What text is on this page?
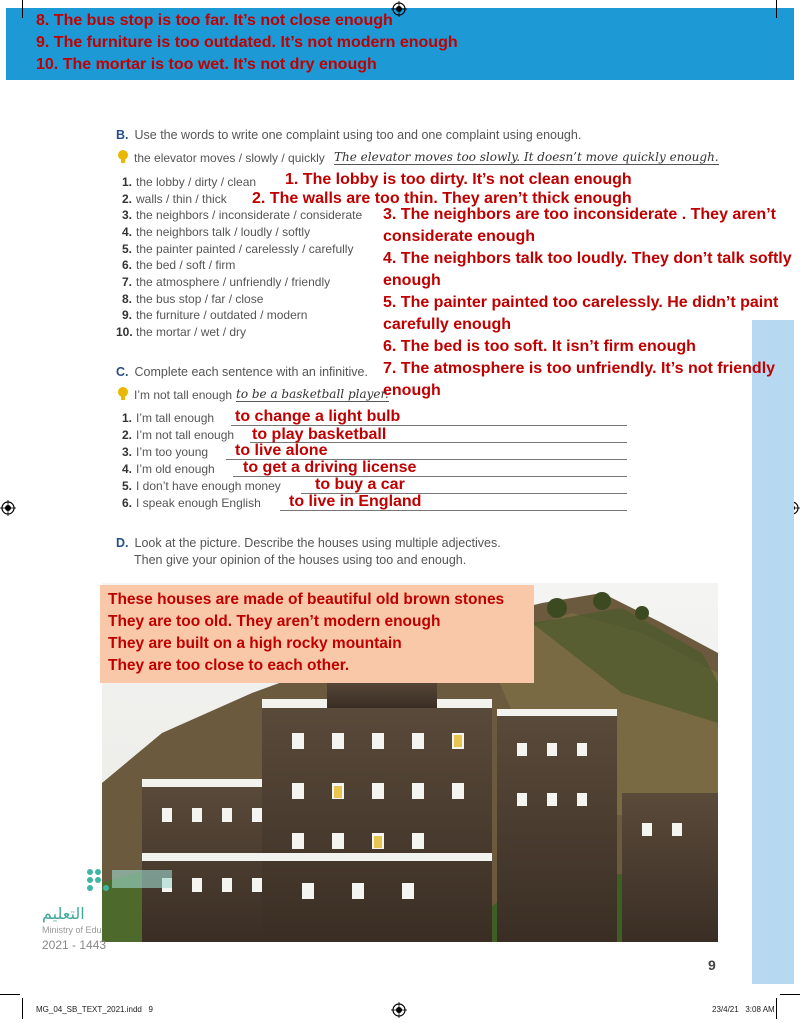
8. The bus stop is too far. It’s not close enough
9. The furniture is too outdated. It’s not modern enough
10. The mortar is too wet. It’s not dry enough
B. Use the words to write one complaint using too and one complaint using enough.
the elevator moves / slowly / quickly The elevator moves too slowly. It doesn’t move quickly enough.
1. the lobby / dirty / clean
2. walls / thin / thick
3. the neighbors / inconsiderate / considerate
4. the neighbors talk / loudly / softly
5. the painter painted / carelessly / carefully
6. the bed / soft / firm
7. the atmosphere / unfriendly / friendly
8. the bus stop / far / close
9. the furniture / outdated / modern
10. the mortar / wet / dry
1. The lobby is too dirty. It’s not clean enough
2. The walls are too thin. They aren’t thick enough
3. The neighbors are too inconsiderate . They aren’t
considerate enough
4. The neighbors talk too loudly. They don’t talk softly
enough
5. The painter painted too carelessly. He didn’t paint
carefully enough
6. The bed is too soft. It isn’t firm enough
7. The atmosphere is too unfriendly. It’s not friendly
enough
C. Complete each sentence with an infinitive.
I’m not tall enough to be a basketball player.
1. I’m tall enough
2. I’m not tall enough
3. I’m too young
4. I’m old enough
5. I don’t have enough money
6. I speak enough English
to change a light bulb
to play basketball
to live alone
to get a driving license
to buy a car
to live in England
D. Look at the picture. Describe the houses using multiple adjectives.
Then give your opinion of the houses using too and enough.
These houses are made of beautiful old brown stones
They are too old. They aren’t modern enough
They are built on a high rocky mountain
They are too close to each other.
التعليم
Ministry of Edu
2021 - 1443
9
MG_04_SB_TEXT_2021.indd   9	23/4/21   3:08 AM
